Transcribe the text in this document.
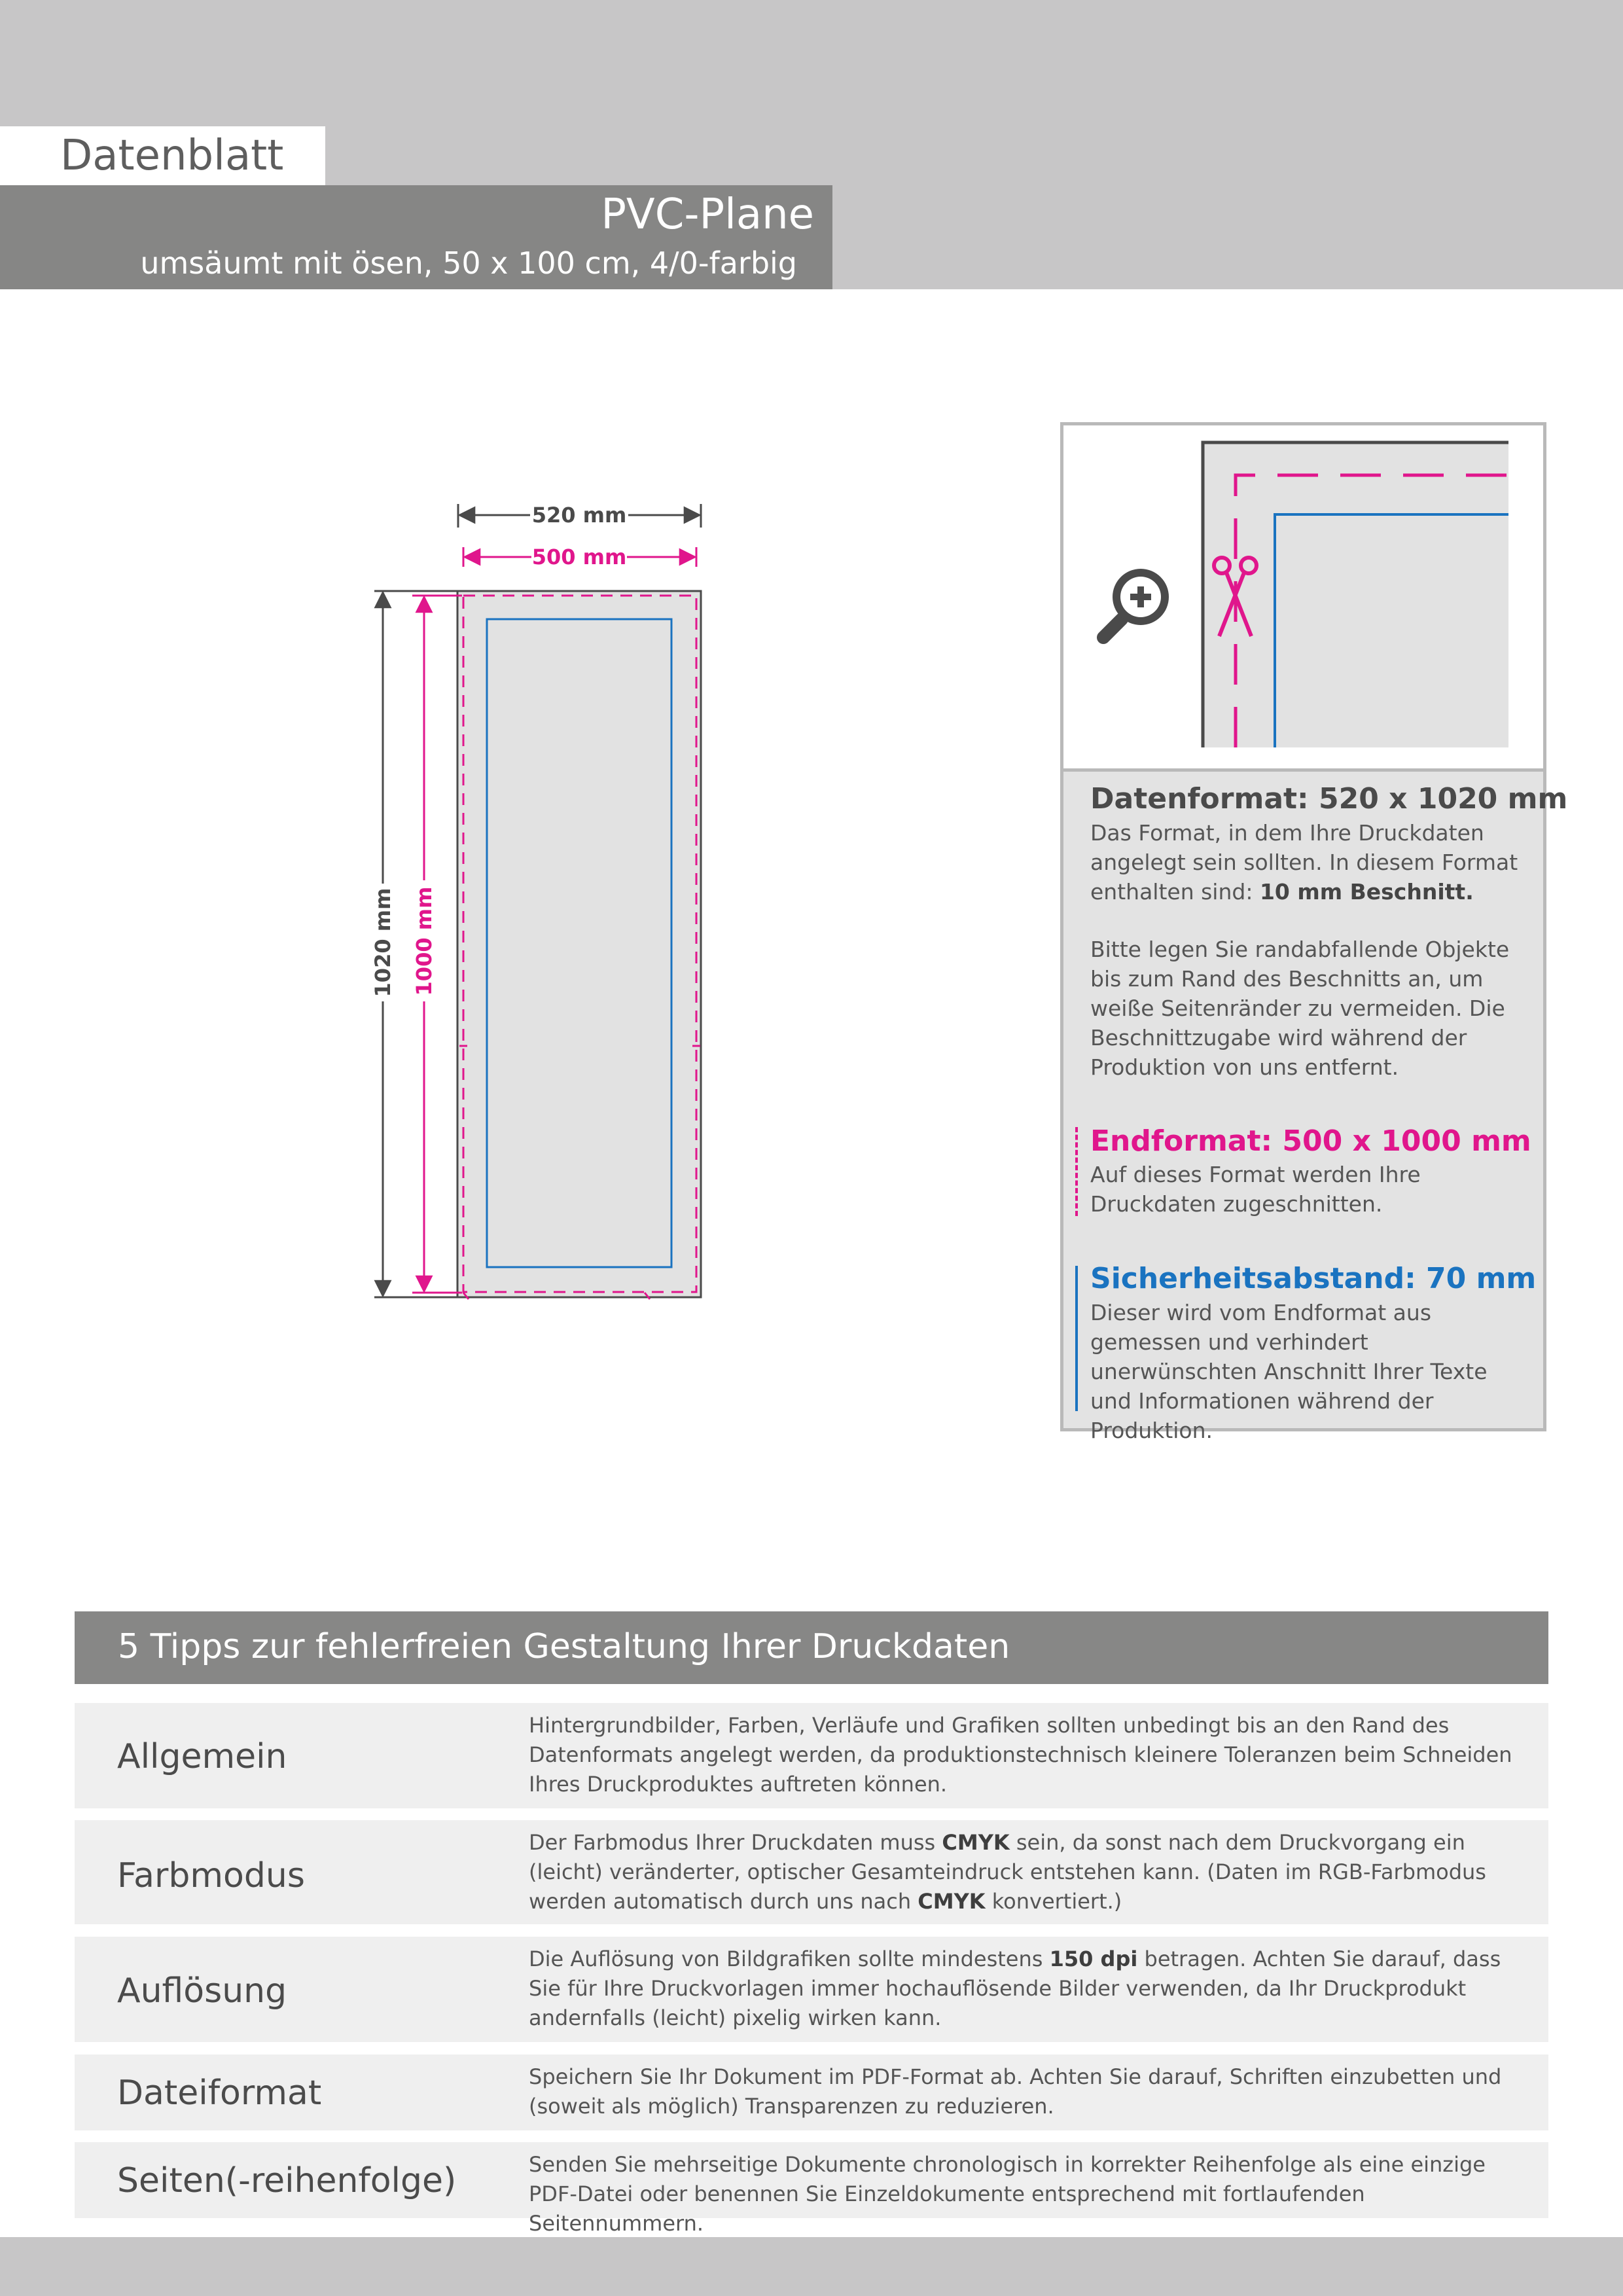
Datenblatt
PVC-Plane
umsäumt mit ösen, 50 x 100 cm, 4/0-farbig
520 mm
500 mm
1020 mm 1000 mm
Datenformat: 520 x 1020 mm
Das Format, in dem Ihre Druckdaten angelegt sein sollten. In diesem Format enthalten sind: 10 mm Beschnitt.
Bitte legen Sie randabfallende Objekte bis zum Rand des Beschnitts an, um weiße Seitenränder zu vermeiden. Die Beschnittzugabe wird während der Produktion von uns entfernt.
Endformat: 500 x 1000 mm
Auf dieses Format werden Ihre Druckdaten zugeschnitten.
Sicherheitsabstand: 70 mm
Dieser wird vom Endformat aus gemessen und verhindert unerwünschten Anschnitt Ihrer Texte und Informationen während der Produktion.
5 Tipps zur fehlerfreien Gestaltung Ihrer Druckdaten
Allgemein
Hintergrundbilder, Farben, Verläufe und Grafiken sollten unbedingt bis an den Rand des Datenformats angelegt werden, da produktionstechnisch kleinere Toleranzen beim Schneiden Ihres Druckproduktes auftreten können.
Farbmodus
Der Farbmodus Ihrer Druckdaten muss CMYK sein, da sonst nach dem Druckvorgang ein (leicht) veränderter, optischer Gesamteindruck entstehen kann. (Daten im RGB-Farbmodus werden automatisch durch uns nach CMYK konvertiert.)
Auflösung
Die Auflösung von Bildgrafiken sollte mindestens 150 dpi betragen. Achten Sie darauf, dass Sie für Ihre Druckvorlagen immer hochauflösende Bilder verwenden, da Ihr Druckprodukt andernfalls (leicht) pixelig wirken kann.
Dateiformat	Speichern Sie Ihr Dokument im PDF-Format ab. Achten Sie darauf, Schriften einzubetten und (soweit als möglich) Transparenzen zu reduzieren.
Seiten(-reihenfolge)	Senden Sie mehrseitige Dokumente chronologisch in korrekter Reihenfolge als eine einzige PDF-Datei oder benennen Sie Einzeldokumente entsprechend mit fortlaufenden Seitennummern.
